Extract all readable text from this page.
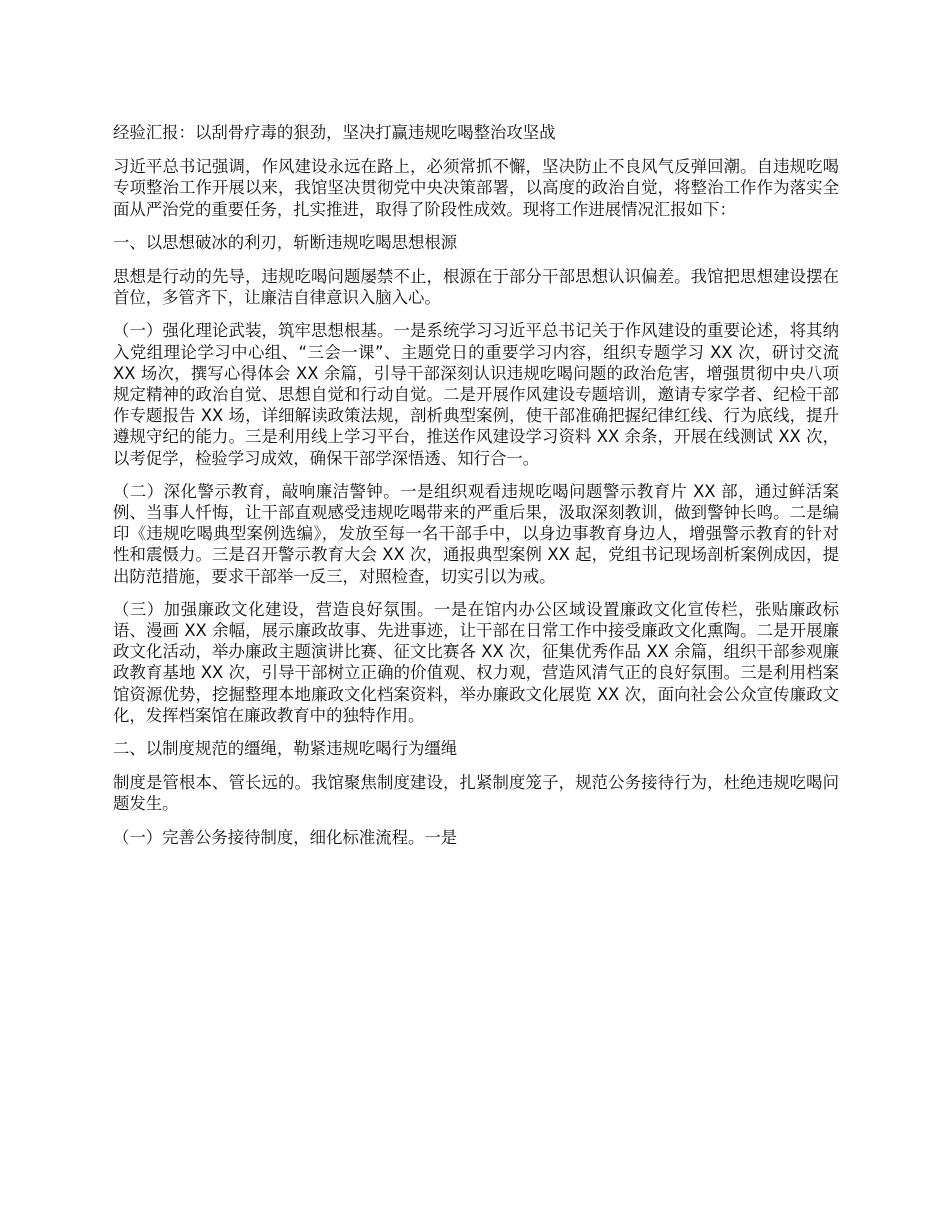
经验汇报：以刮骨疗毒的狠劲，坚决打赢违规吃喝整治攻坚战

习近平总书记强调，作风建设永远在路上，必须常抓不懈，坚决防止不良风气反弹回潮。自违规吃喝专项整治工作开展以来，我馆坚决贯彻党中央决策部署，以高度的政治自觉，将整治工作作为落实全面从严治党的重要任务，扎实推进，取得了阶段性成效。现将工作进展情况汇报如下：

一、以思想破冰的利刃，斩断违规吃喝思想根源

思想是行动的先导，违规吃喝问题屡禁不止，根源在于部分干部思想认识偏差。我馆把思想建设摆在首位，多管齐下，让廉洁自律意识入脑入心。

（一）强化理论武装，筑牢思想根基。一是系统学习习近平总书记关于作风建设的重要论述，将其纳入党组理论学习中心组、“三会一课”、主题党日的重要学习内容，组织专题学习 XX 次，研讨交流 XX 场次，撰写心得体会 XX 余篇，引导干部深刻认识违规吃喝问题的政治危害，增强贯彻中央八项规定精神的政治自觉、思想自觉和行动自觉。二是开展作风建设专题培训，邀请专家学者、纪检干部作专题报告 XX 场，详细解读政策法规，剖析典型案例，使干部准确把握纪律红线、行为底线，提升遵规守纪的能力。三是利用线上学习平台，推送作风建设学习资料 XX 余条，开展在线测试 XX 次，以考促学，检验学习成效，确保干部学深悟透、知行合一。

（二）深化警示教育，敲响廉洁警钟。一是组织观看违规吃喝问题警示教育片 XX 部，通过鲜活案例、当事人忏悔，让干部直观感受违规吃喝带来的严重后果，汲取深刻教训，做到警钟长鸣。二是编印《违规吃喝典型案例选编》，发放至每一名干部手中，以身边事教育身边人，增强警示教育的针对性和震慑力。三是召开警示教育大会 XX 次，通报典型案例 XX 起，党组书记现场剖析案例成因，提出防范措施，要求干部举一反三，对照检查，切实引以为戒。

（三）加强廉政文化建设，营造良好氛围。一是在馆内办公区域设置廉政文化宣传栏，张贴廉政标语、漫画 XX 余幅，展示廉政故事、先进事迹，让干部在日常工作中接受廉政文化熏陶。二是开展廉政文化活动，举办廉政主题演讲比赛、征文比赛各 XX 次，征集优秀作品 XX 余篇，组织干部参观廉政教育基地 XX 次，引导干部树立正确的价值观、权力观，营造风清气正的良好氛围。三是利用档案馆资源优势，挖掘整理本地廉政文化档案资料，举办廉政文化展览 XX 次，面向社会公众宣传廉政文化，发挥档案馆在廉政教育中的独特作用。

二、以制度规范的缰绳，勒紧违规吃喝行为缰绳

制度是管根本、管长远的。我馆聚焦制度建设，扎紧制度笼子，规范公务接待行为，杜绝违规吃喝问题发生。

（一）完善公务接待制度，细化标准流程。一是
